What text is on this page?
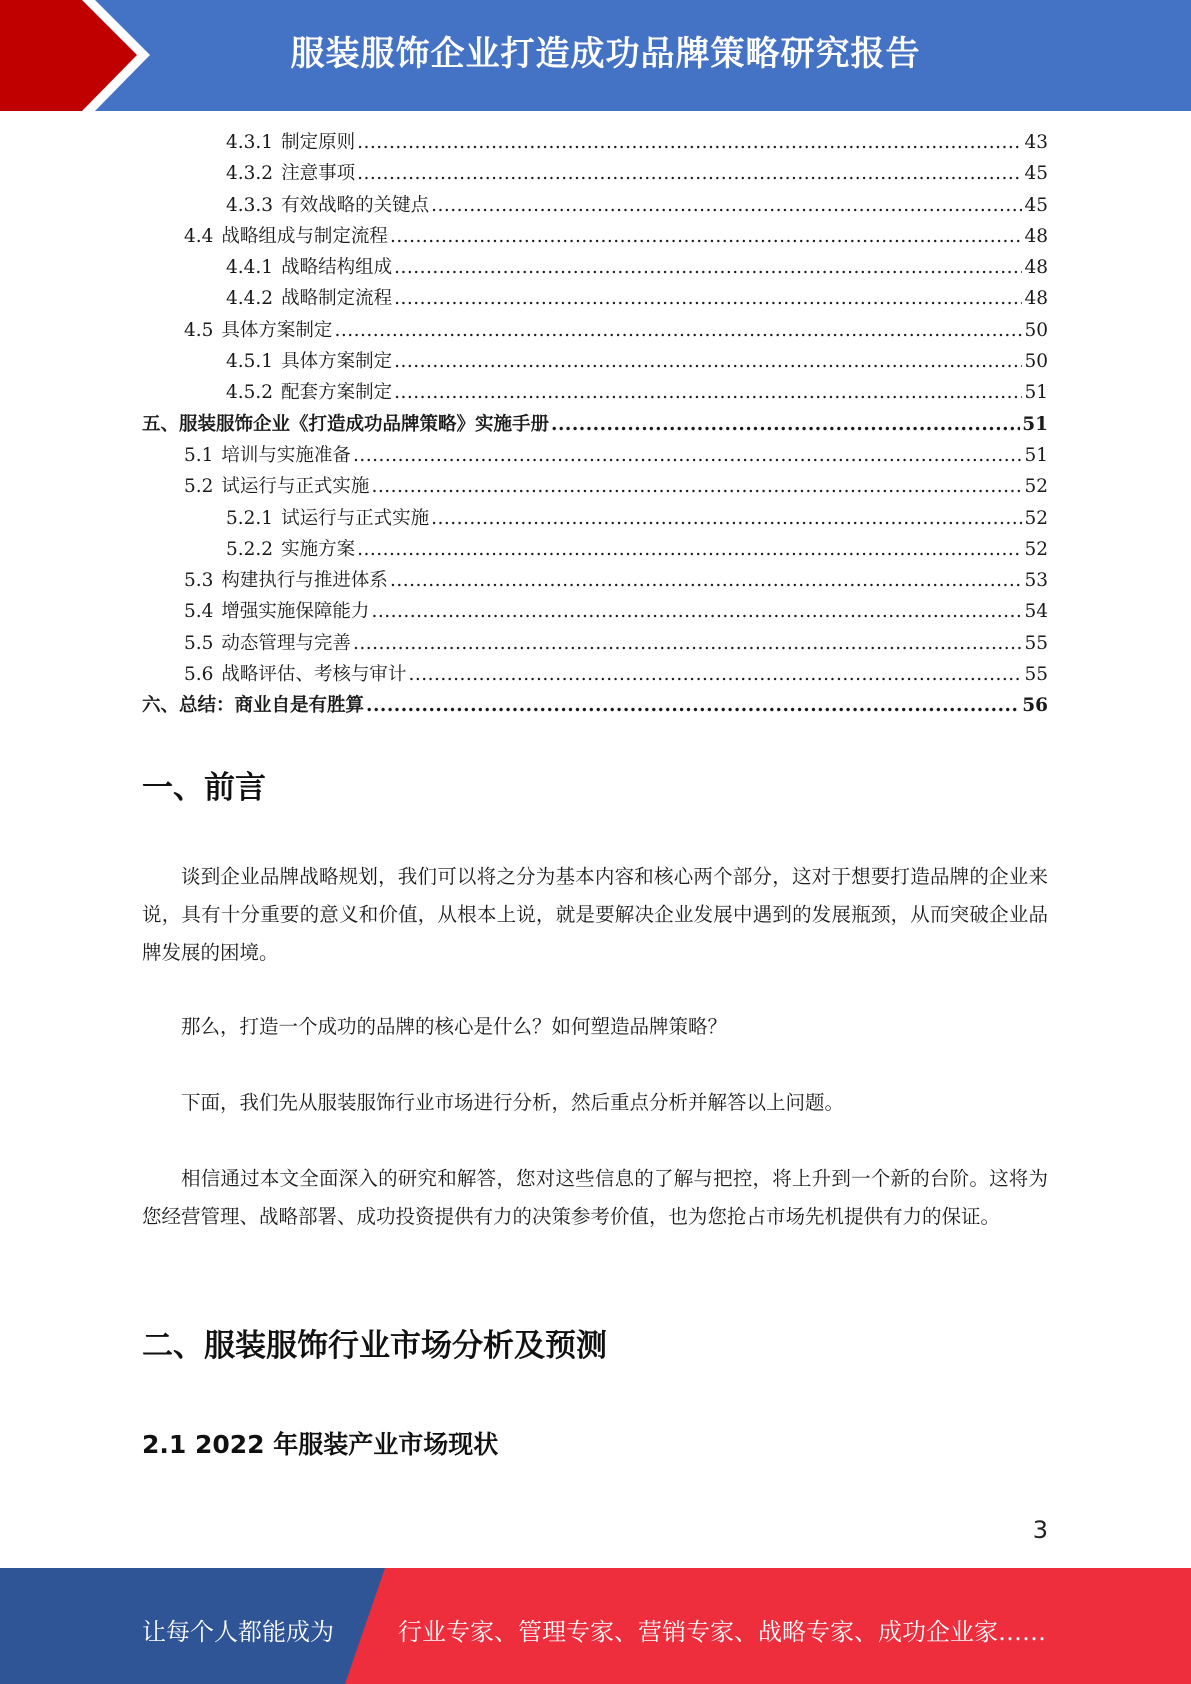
服装服饰企业打造成功品牌策略研究报告
4.3.1 制定原则 .....	43
4.3.2 注意事项 .....	45
4.3.3 有效战略的关键点 .....	45
4.4 战略组成与制定流程 .....	48
4.4.1 战略结构组成 .....	48
4.4.2 战略制定流程 .....	48
4.5 具体方案制定 .....	50
4.5.1 具体方案制定 .....	50
4.5.2 配套方案制定 .....	51
五、服装服饰企业《打造成功品牌策略》实施手册 .....	51
5.1 培训与实施准备 .....	51
5.2 试运行与正式实施 .....	52
5.2.1 试运行与正式实施 .....	52
5.2.2 实施方案 .....	52
5.3 构建执行与推进体系 .....	53
5.4 增强实施保障能力 .....	54
5.5 动态管理与完善 .....	55
5.6 战略评估、考核与审计 .....	55
六、总结：商业自是有胜算 .....	56
一、前言
谈到企业品牌战略规划，我们可以将之分为基本内容和核心两个部分，这对于想要打造品牌的企业来说，具有十分重要的意义和价值，从根本上说，就是要解决企业发展中遇到的发展瓶颈，从而突破企业品牌发展的困境。
那么，打造一个成功的品牌的核心是什么？如何塑造品牌策略？
下面，我们先从服装服饰行业市场进行分析，然后重点分析并解答以上问题。
相信通过本文全面深入的研究和解答，您对这些信息的了解与把控，将上升到一个新的台阶。这将为您经营管理、战略部署、成功投资提供有力的决策参考价值，也为您抢占市场先机提供有力的保证。
二、服装服饰行业市场分析及预测
2.1 2022 年服装产业市场现状
3
让每个人都能成为	行业专家、管理专家、营销专家、战略专家、成功企业家……
